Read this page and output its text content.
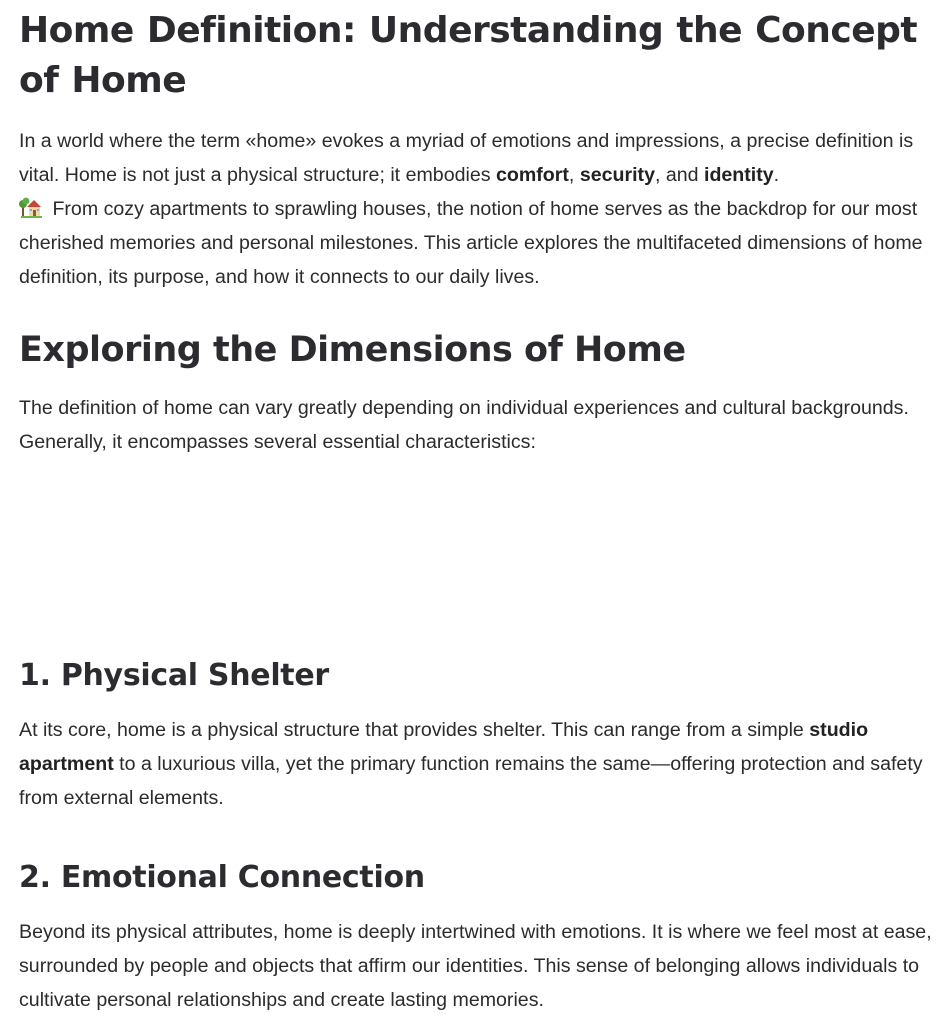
Home Definition: Understanding the Concept of Home

In a world where the term «home» evokes a myriad of emotions and impressions, a precise definition is vital. Home is not just a physical structure; it embodies comfort, security, and identity.
From cozy apartments to sprawling houses, the notion of home serves as the backdrop for our most cherished memories and personal milestones. This article explores the multifaceted dimensions of home definition, its purpose, and how it connects to our daily lives.

Exploring the Dimensions of Home

The definition of home can vary greatly depending on individual experiences and cultural backgrounds. Generally, it encompasses several essential characteristics:

1. Physical Shelter

At its core, home is a physical structure that provides shelter. This can range from a simple studio apartment to a luxurious villa, yet the primary function remains the same—offering protection and safety from external elements.

2. Emotional Connection

Beyond its physical attributes, home is deeply intertwined with emotions. It is where we feel most at ease, surrounded by people and objects that affirm our identities. This sense of belonging allows individuals to cultivate personal relationships and create lasting memories.
